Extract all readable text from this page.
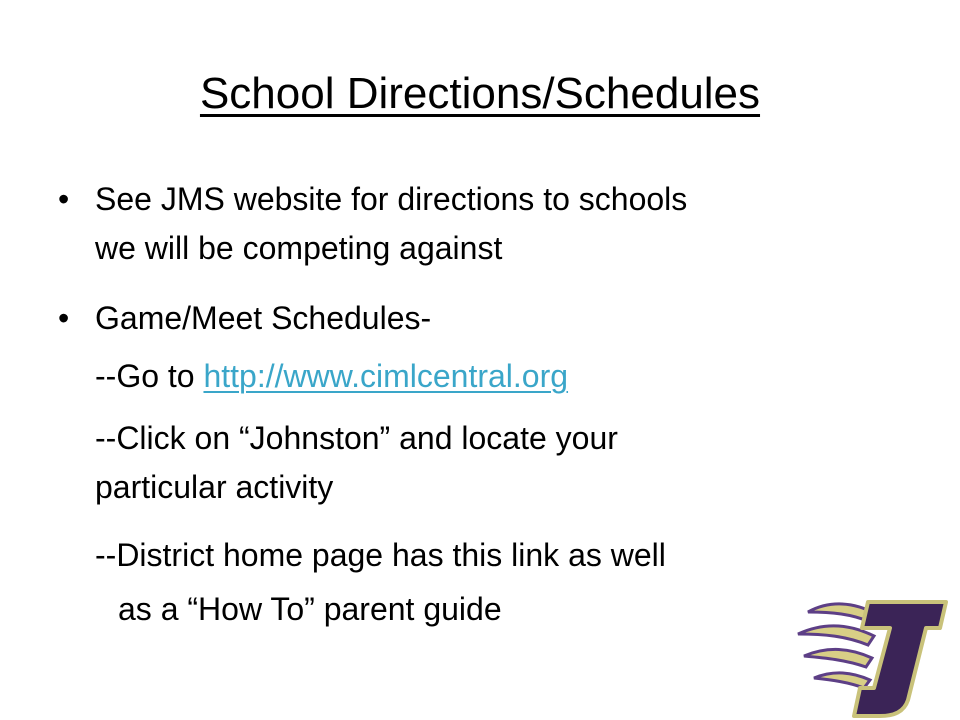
School Directions/Schedules
• See JMS website for directions to schools
we will be competing against
• Game/Meet Schedules-
--Go to http://www.cimlcentral.org
--Click on “Johnston” and locate your
particular activity
--District home page has this link as well
as a “How To” parent guide
